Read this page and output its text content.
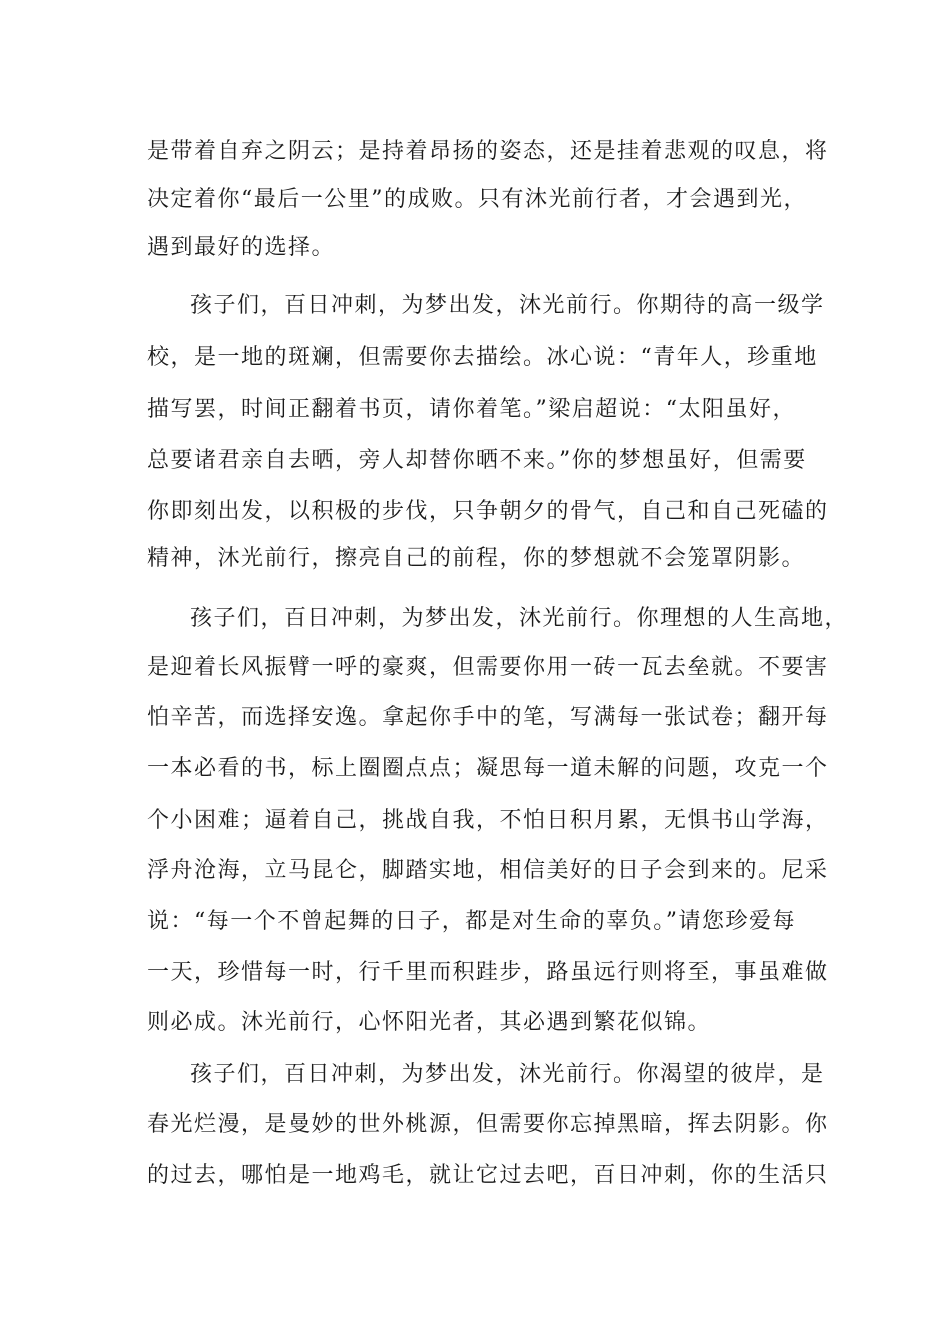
是带着自弃之阴云；是持着昂扬的姿态，还是挂着悲观的叹息，将
决定着你“最后一公里”的成败。只有沐光前行者，才会遇到光，
遇到最好的选择。
孩子们，百日冲刺，为梦出发，沐光前行。你期待的高一级学
校，是一地的斑斓，但需要你去描绘。冰心说：“青年人，珍重地
描写罢，时间正翻着书页，请你着笔。”梁启超说：“太阳虽好，
总要诸君亲自去晒，旁人却替你晒不来。”你的梦想虽好，但需要
你即刻出发，以积极的步伐，只争朝夕的骨气，自己和自己死磕的
精神，沐光前行，擦亮自己的前程，你的梦想就不会笼罩阴影。
孩子们，百日冲刺，为梦出发，沐光前行。你理想的人生高地，
是迎着长风振臂一呼的豪爽，但需要你用一砖一瓦去垒就。不要害
怕辛苦，而选择安逸。拿起你手中的笔，写满每一张试卷；翻开每
一本必看的书，标上圈圈点点；凝思每一道未解的问题，攻克一个
个小困难；逼着自己，挑战自我，不怕日积月累，无惧书山学海，
浮舟沧海，立马昆仑，脚踏实地，相信美好的日子会到来的。尼采
说：“每一个不曾起舞的日子，都是对生命的辜负。”请您珍爱每
一天，珍惜每一时，行千里而积跬步，路虽远行则将至，事虽难做
则必成。沐光前行，心怀阳光者，其必遇到繁花似锦。
孩子们，百日冲刺，为梦出发，沐光前行。你渴望的彼岸，是
春光烂漫，是曼妙的世外桃源，但需要你忘掉黑暗，挥去阴影。你
的过去，哪怕是一地鸡毛，就让它过去吧，百日冲刺，你的生活只
